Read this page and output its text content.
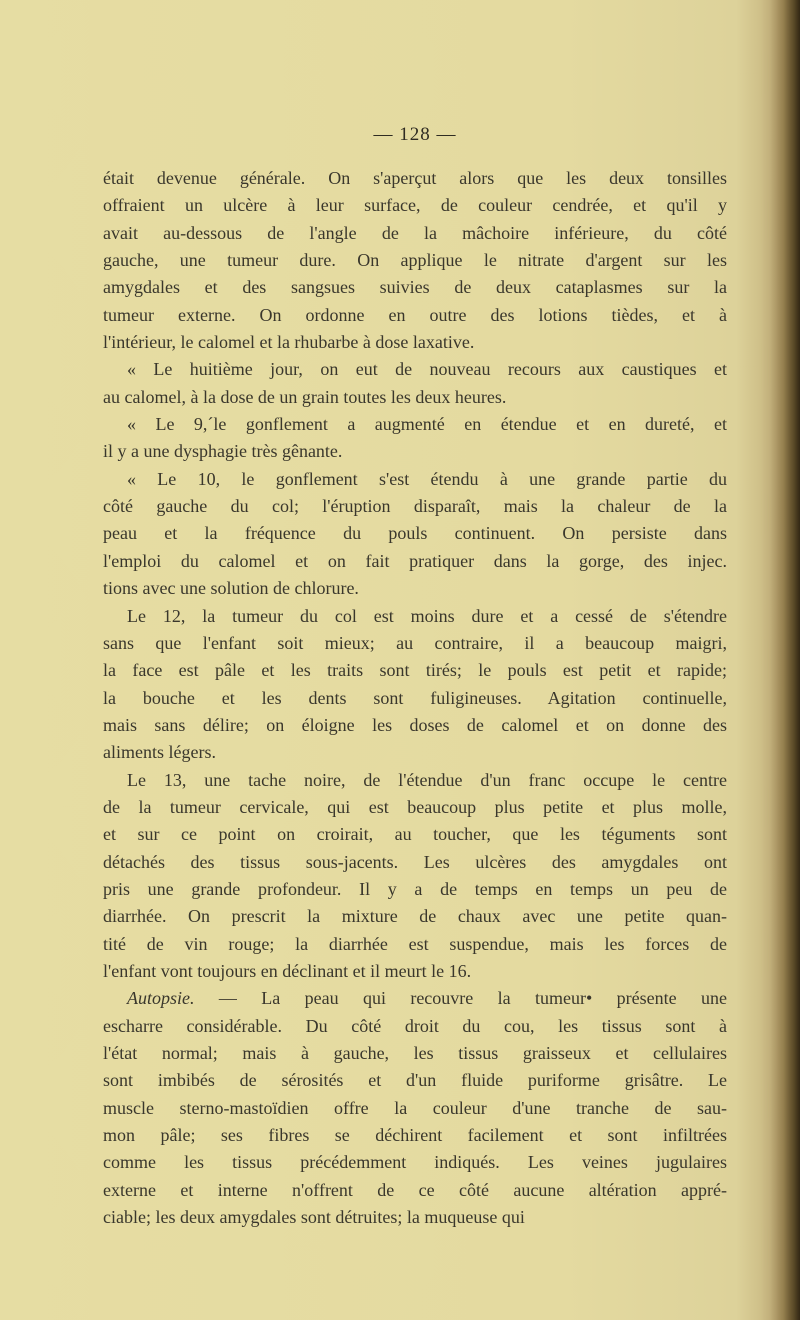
— 128 —
était devenue générale. On s'aperçut alors que les deux tonsilles
offraient un ulcère à leur surface, de couleur cendrée, et qu'il y
avait au-dessous de l'angle de la mâchoire inférieure, du côté
gauche, une tumeur dure. On applique le nitrate d'argent sur les
amygdales et des sangsues suivies de deux cataplasmes sur la
tumeur externe. On ordonne en outre des lotions tièdes, et à
l'intérieur, le calomel et la rhubarbe à dose laxative.
« Le huitième jour, on eut de nouveau recours aux caustiques et
au calomel, à la dose de un grain toutes les deux heures.
« Le 9,´le gonflement a augmenté en étendue et en dureté, et
il y a une dysphagie très gênante.
« Le 10, le gonflement s'est étendu à une grande partie du
côté gauche du col; l'éruption disparaît, mais la chaleur de la
peau et la fréquence du pouls continuent. On persiste dans
l'emploi du calomel et on fait pratiquer dans la gorge, des injec.
tions avec une solution de chlorure.
Le 12, la tumeur du col est moins dure et a cessé de s'étendre
sans que l'enfant soit mieux; au contraire, il a beaucoup maigri,
la face est pâle et les traits sont tirés; le pouls est petit et rapide;
la bouche et les dents sont fuligineuses. Agitation continuelle,
mais sans délire; on éloigne les doses de calomel et on donne des
aliments légers.
Le 13, une tache noire, de l'étendue d'un franc occupe le centre
de la tumeur cervicale, qui est beaucoup plus petite et plus molle,
et sur ce point on croirait, au toucher, que les téguments sont
détachés des tissus sous-jacents. Les ulcères des amygdales ont
pris une grande profondeur. Il y a de temps en temps un peu de
diarrhée. On prescrit la mixture de chaux avec une petite quan-
tité de vin rouge; la diarrhée est suspendue, mais les forces de
l'enfant vont toujours en déclinant et il meurt le 16.
Autopsie. — La peau qui recouvre la tumeur• présente une
escharre considérable. Du côté droit du cou, les tissus sont à
l'état normal; mais à gauche, les tissus graisseux et cellulaires
sont imbibés de sérosités et d'un fluide puriforme grisâtre. Le
muscle sterno-mastoïdien offre la couleur d'une tranche de sau-
mon pâle; ses fibres se déchirent facilement et sont infiltrées
comme les tissus précédemment indiqués. Les veines jugulaires
externe et interne n'offrent de ce côté aucune altération appré-
ciable; les deux amygdales sont détruites; la muqueuse qui
